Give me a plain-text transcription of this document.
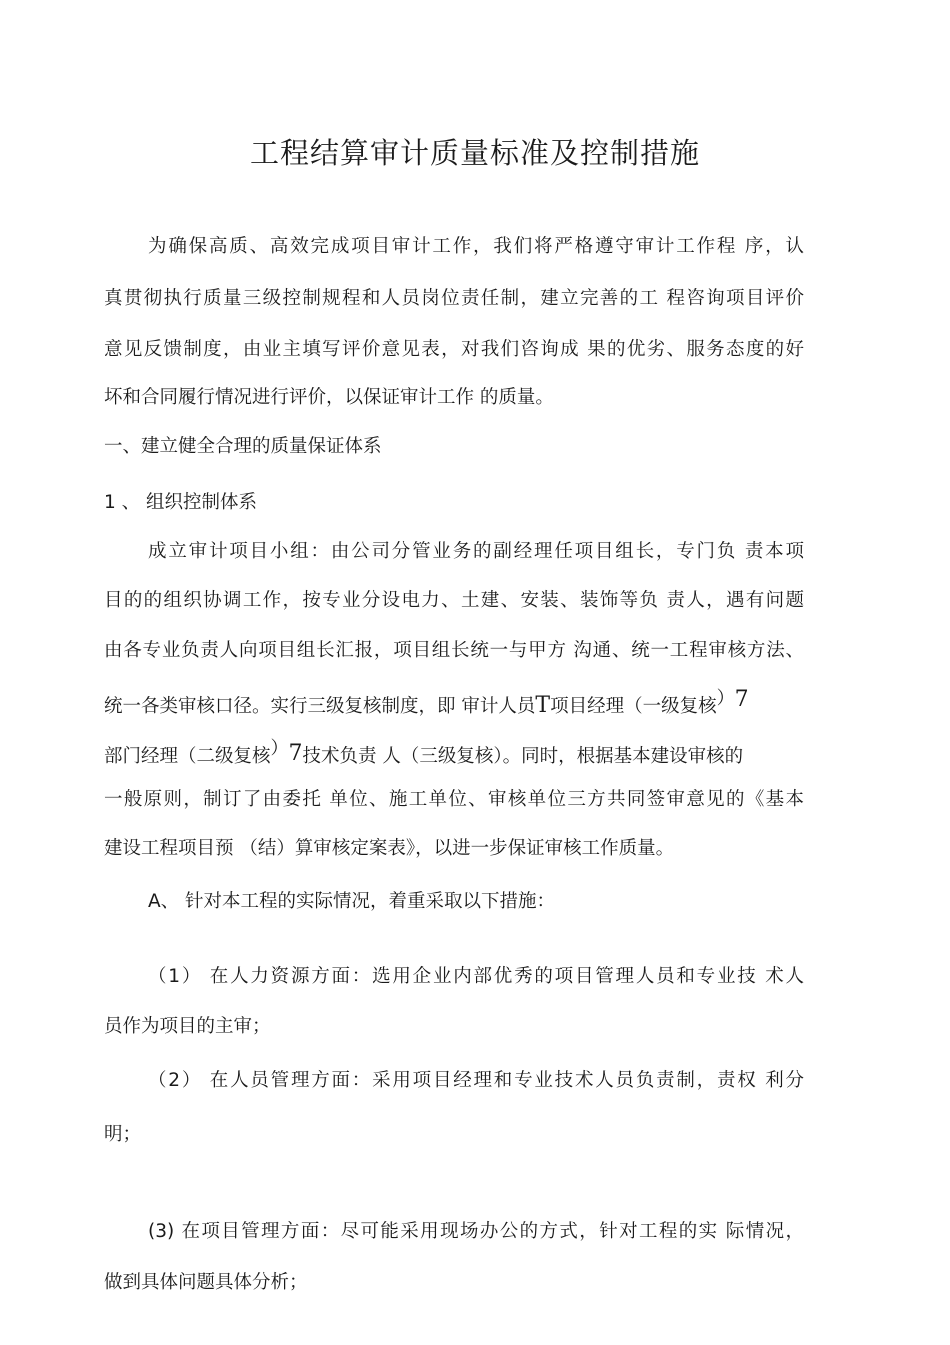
工程结算审计质量标准及控制措施
为确保高质、高效完成项目审计工作，我们将严格遵守审计工作程 序，认
真贯彻执行质量三级控制规程和人员岗位责任制，建立完善的工 程咨询项目评价
意见反馈制度，由业主填写评价意见表，对我们咨询成 果的优劣、服务态度的好
坏和合同履行情况进行评价，以保证审计工作 的质量。
一、建立健全合理的质量保证体系
1 、 组织控制体系
成立审计项目小组：由公司分管业务的副经理任项目组长，专门负 责本项
目的的组织协调工作，按专业分设电力、土建、安装、装饰等负 责人，遇有问题
由各专业负责人向项目组长汇报，项目组长统一与甲方 沟通、统一工程审核方法、
统一各类审核口径。实行三级复核制度，即 审计人员T项目经理（一级复核）7
部门经理（二级复核）7技术负责 人（三级复核）。同时，根据基本建设审核的
一般原则，制订了由委托 单位、施工单位、审核单位三方共同签审意见的《基本
建设工程项目预 （结）算审核定案表》，以进一步保证审核工作质量。
A、 针对本工程的实际情况，着重采取以下措施：
（1） 在人力资源方面：选用企业内部优秀的项目管理人员和专业技 术人
员作为项目的主审；
（2） 在人员管理方面：采用项目经理和专业技术人员负责制，责权 利分
明；
(3) 在项目管理方面：尽可能采用现场办公的方式，针对工程的实 际情况，
做到具体问题具体分析；
